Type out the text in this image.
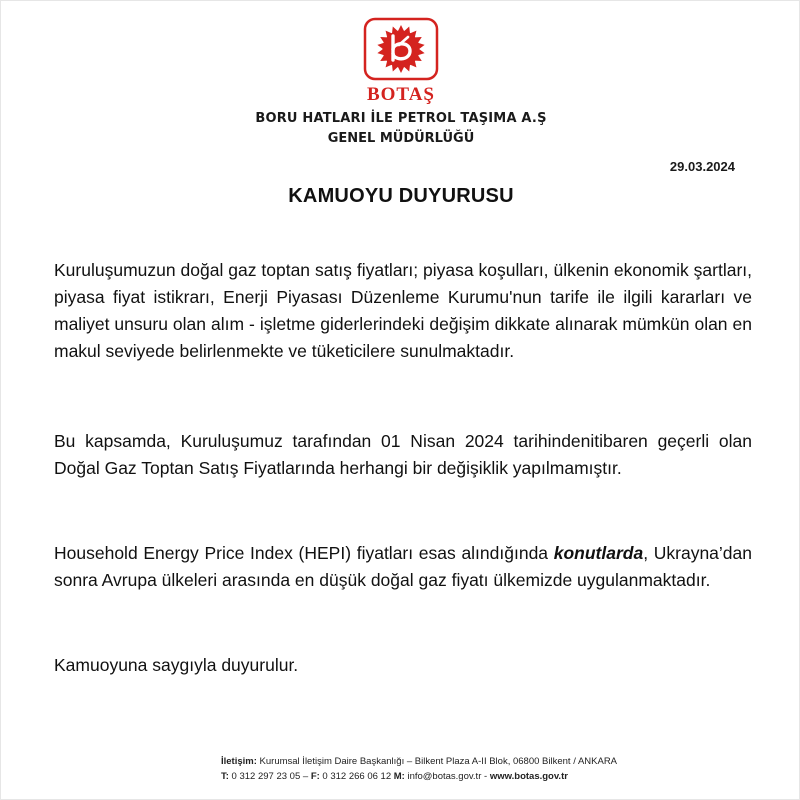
BOTAŞ
BORU HATLARI İLE PETROL TAŞIMA A.Ş
GENEL MÜDÜRLÜĞÜ
29.03.2024
KAMUOYU DUYURUSU
Kuruluşumuzun doğal gaz toptan satış fiyatları; piyasa koşulları, ülkenin ekonomik şartları, piyasa fiyat istikrarı, Enerji Piyasası Düzenleme Kurumu'nun tarife ile ilgili kararları ve maliyet unsuru olan alım - işletme giderlerindeki değişim dikkate alınarak mümkün olan en makul seviyede belirlenmekte ve tüketicilere sunulmaktadır.
Bu kapsamda, Kuruluşumuz tarafından 01 Nisan 2024 tarihindenitibaren geçerli olan Doğal Gaz Toptan Satış Fiyatlarında herhangi bir değişiklik yapılmamıştır.
Household Energy Price Index (HEPI) fiyatları esas alındığında konutlarda, Ukrayna’dan sonra Avrupa ülkeleri arasında en düşük doğal gaz fiyatı ülkemizde uygulanmaktadır.
Kamuoyuna saygıyla duyurulur.
İletişim: Kurumsal İletişim Daire Başkanlığı – Bilkent Plaza A-II Blok, 06800 Bilkent / ANKARA
T: 0 312 297 23 05 – F: 0 312 266 06 12 M: info@botas.gov.tr - www.botas.gov.tr
